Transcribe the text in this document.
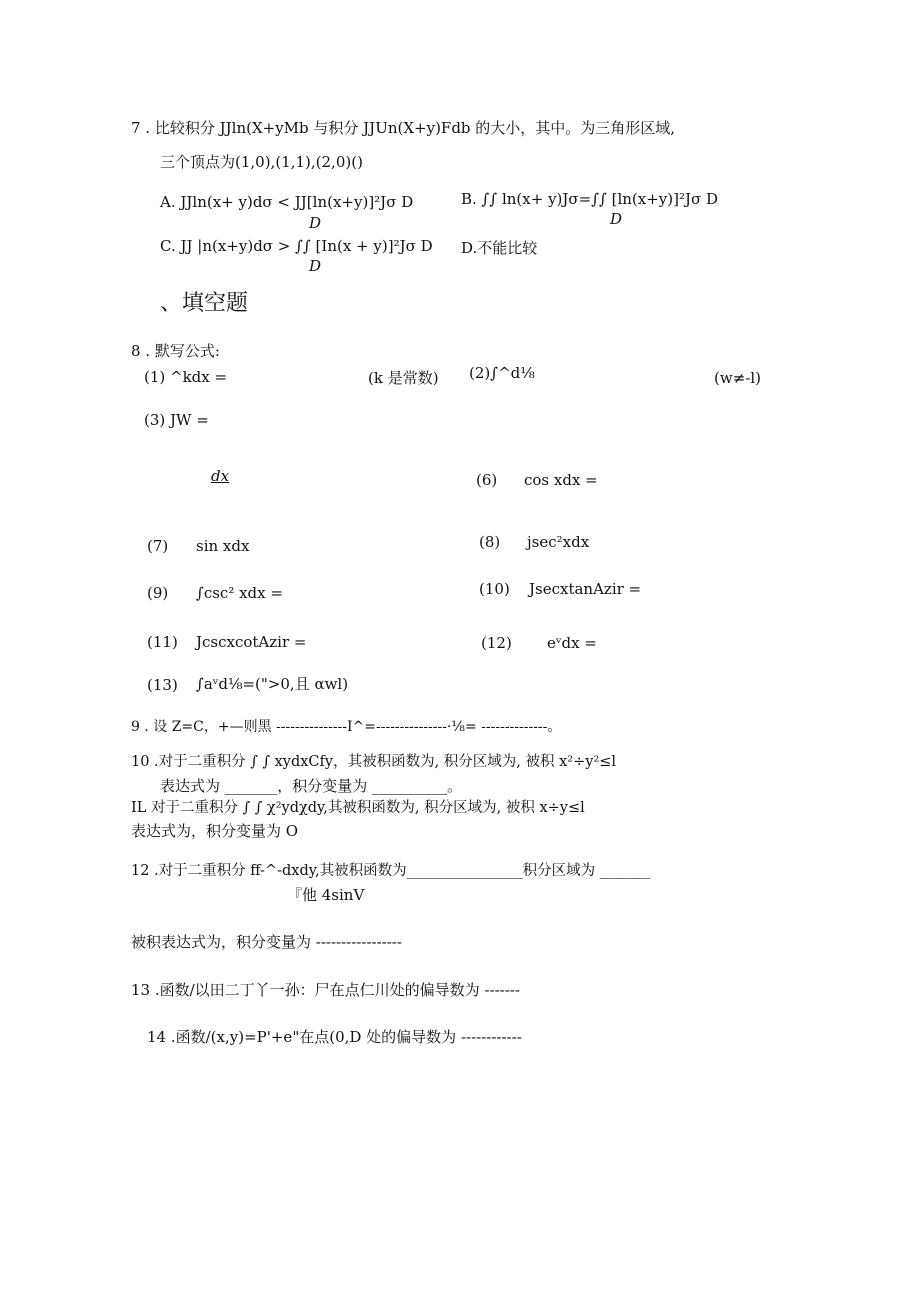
7 . 比较积分 JJln(X+yMb 与积分 JJUn(X+y)Fdb 的大小，其中。为三角形区域,
三个顶点为(1,0),(1,1),(2,0)()
A. JJln(x+ y)dσ < JJ[ln(x+y)]²Jσ D
D
B. ∫∫ ln(x+ y)Jσ=∫∫ [ln(x+y)]²Jσ D
D
C. JJ |n(x+y)dσ > ∫∫ [In(x + y)]²Jσ D
D
D.不能比较
、填空题
8 . 默写公式:
(1) ^kdx =	(k 是常数) (2)∫^d⅛	(w≠-l)
(3) JW =
dx	(6) cos xdx =
(7) sin xdx	(8) jsec²xdx
(9) ∫csc² xdx =	(10) JsecxtanAzir =
(11) JcscxcotAzir =	(12) eᵛdx =
(13) ∫aᵛd⅛=(">0,且 αwl)
9 . 设 Z=C，+—则黑 ---------------I^=---------------·⅛= --------------。
10 .对于二重积分 ∫ ∫ xydxCfy，其被积函数为, 积分区域为, 被积 x²÷y²≤l
表达式为 _______，积分变量为 __________。
IL 对于二重积分 ∫ ∫ χ²ydχdy,其被积函数为, 积分区域为, 被积 x÷y≤l
表达式为，积分变量为 O
12 .对于二重积分 ff-^-dxdy,其被积函数为________________积分区域为 _______
『他 4sinV
被积表达式为，积分变量为 -----------------
13 .函数/以田二丁丫一孙：尸在点仁川处的偏导数为 -------
14 .函数/(x,y)=P'+e"在点(0,D 处的偏导数为 ------------
